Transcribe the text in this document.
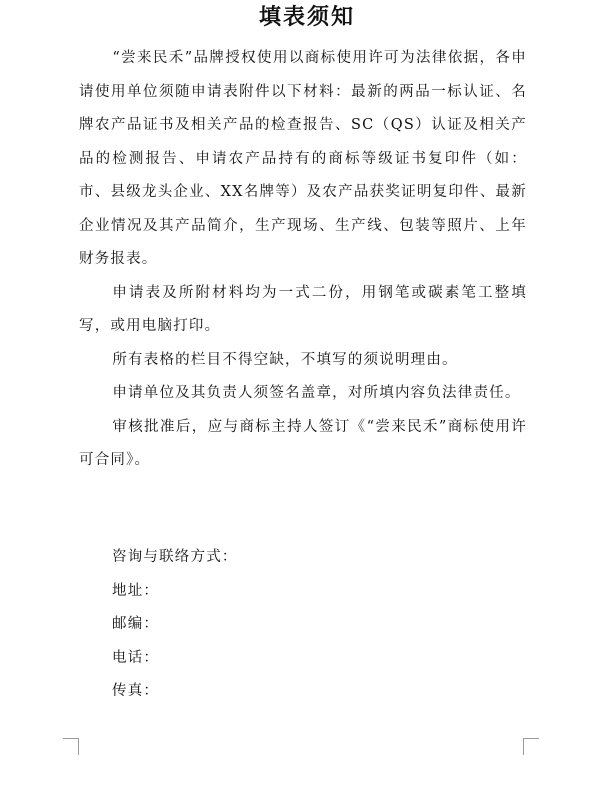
填表须知

“尝来民禾”品牌授权使用以商标使用许可为法律依据，各申请使用单位须随申请表附件以下材料：最新的两品一标认证、名牌农产品证书及相关产品的检查报告、SC（QS）认证及相关产品的检测报告、申请农产品持有的商标等级证书复印件（如：市、县级龙头企业、XX名牌等）及农产品获奖证明复印件、最新企业情况及其产品简介，生产现场、生产线、包装等照片、上年财务报表。

申请表及所附材料均为一式二份，用钢笔或碳素笔工整填写，或用电脑打印。

所有表格的栏目不得空缺，不填写的须说明理由。

申请单位及其负责人须签名盖章，对所填内容负法律责任。

审核批准后，应与商标主持人签订《“尝来民禾”商标使用许可合同》。

咨询与联络方式：
地址：
邮编：
电话：
传真：
